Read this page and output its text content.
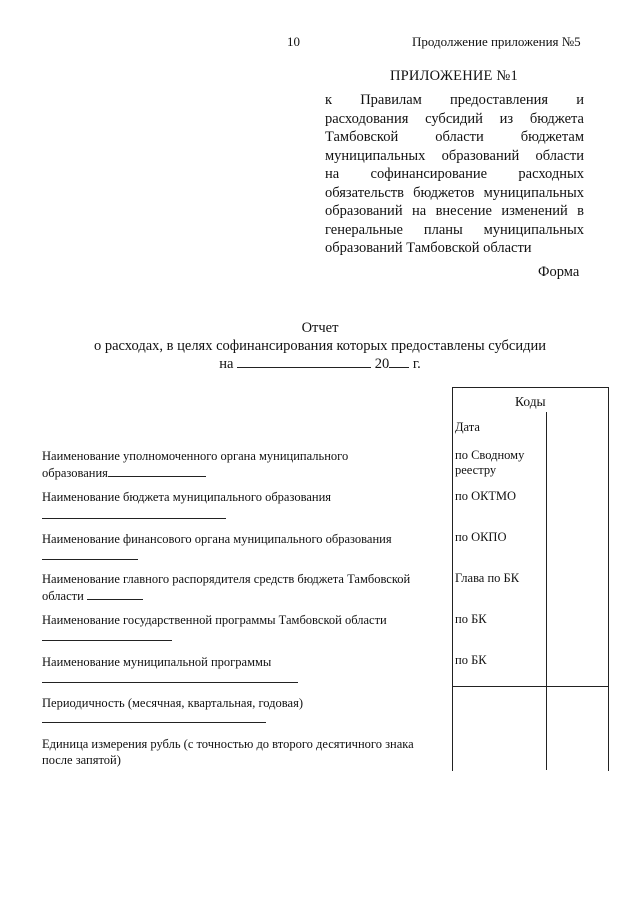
10	Продолжение приложения №5
ПРИЛОЖЕНИЕ №1
к Правилам предоставления и
расходования субсидий из бюджета
Тамбовской области бюджетам
муниципальных образований области
на софинансирование расходных
обязательств бюджетов муниципальных
образований на внесение изменений в
генеральные планы муниципальных
образований Тамбовской области
Форма
Отчет
о расходах, в целях софинансирования которых предоставлены субсидии
на	20 г.
Коды
Дата
по Сводному реестру
по ОКТМО
по ОКПО
Глава по БК
по БК
по БК
Наименование уполномоченного органа муниципального
образования
Наименование бюджета муниципального образования
Наименование финансового органа муниципального образования
Наименование главного распорядителя средств бюджета Тамбовской
области
Наименование государственной программы Тамбовской области
Наименование муниципальной программы
Периодичность (месячная, квартальная, годовая)
Единица измерения рубль (с точностью до второго десятичного знака
после запятой)
